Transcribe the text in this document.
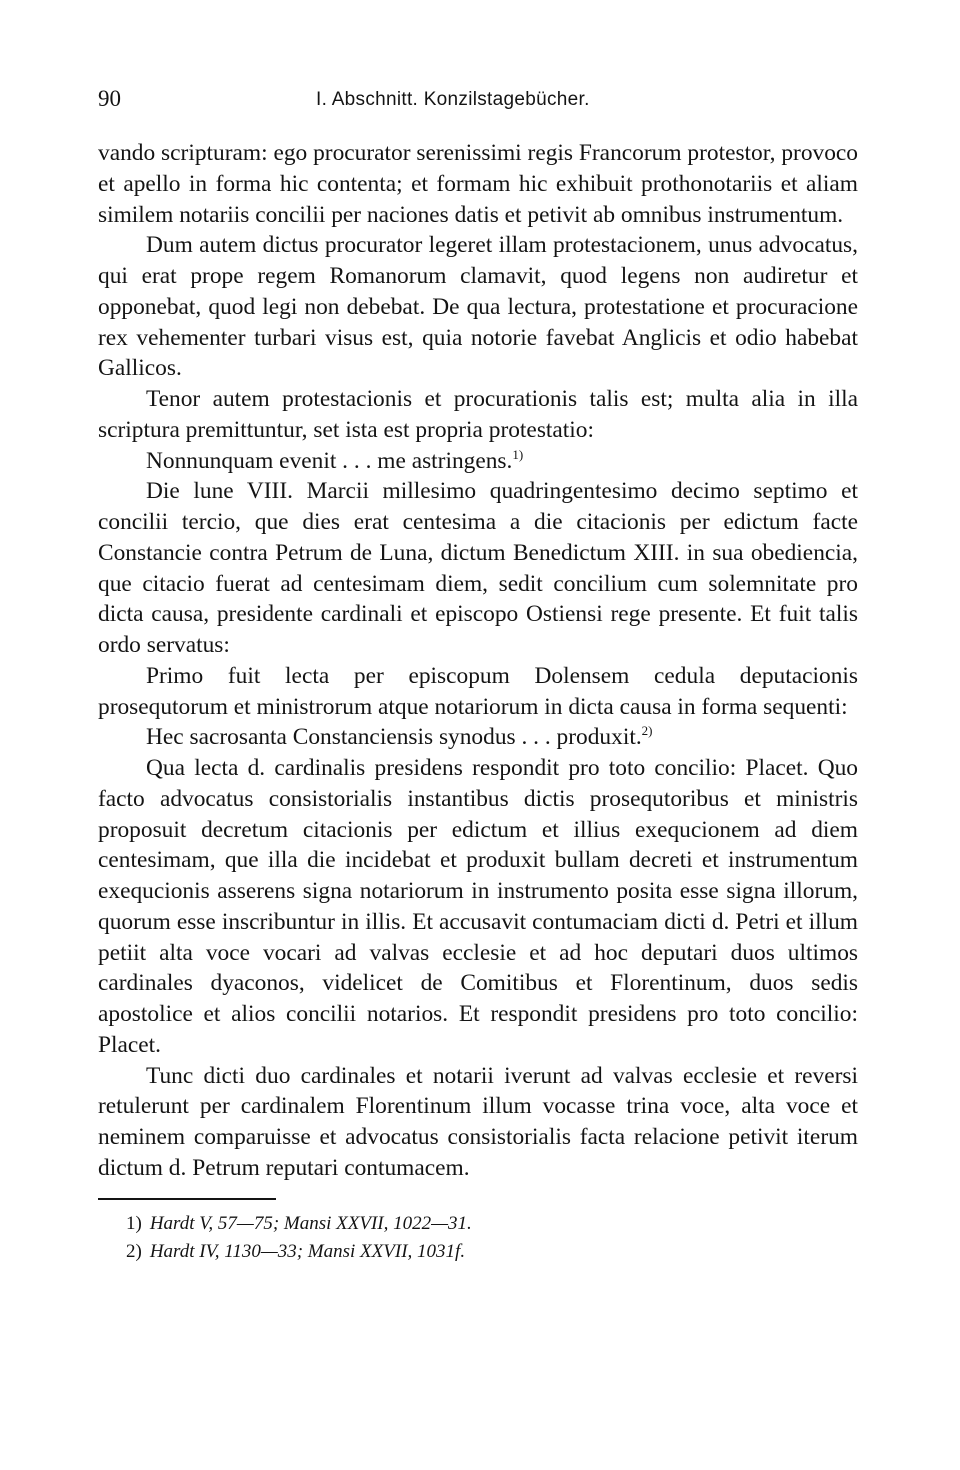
90	I. Abschnitt. Konzilstagebücher.

vando scripturam: ego procurator serenissimi regis Francorum protestor, provoco et apello in forma hic contenta; et formam hic exhibuit prothonotariis et aliam similem notariis concilii per naciones datis et petivit ab omnibus instrumentum.

Dum autem dictus procurator legeret illam protestacionem, unus advocatus, qui erat prope regem Romanorum clamavit, quod legens non audiretur et opponebat, quod legi non debebat. De qua lectura, protestatione et procuracione rex vehementer turbari visus est, quia notorie favebat Anglicis et odio habebat Gallicos.

Tenor autem protestacionis et procurationis talis est; multa alia in illa scriptura premittuntur, set ista est propria protestatio:

Nonnunquam evenit . . . me astringens.$^{1)}$

Die lune VIII. Marcii millesimo quadringentesimo decimo septimo et concilii tercio, que dies erat centesima a die citacionis per edictum facte Constancie contra Petrum de Luna, dictum Benedictum XIII. in sua obediencia, que citacio fuerat ad centesimam diem, sedit concilium cum solemnitate pro dicta causa, presidente cardinali et episcopo Ostiensi rege presente. Et fuit talis ordo servatus:

Primo fuit lecta per episcopum Dolensem cedula deputacionis prosequtorum et ministrorum atque notariorum in dicta causa in forma sequenti:

Hec sacrosanta Constanciensis synodus . . . produxit.$^{2)}$

Qua lecta d. cardinalis presidens respondit pro toto concilio: Placet. Quo facto advocatus consistorialis instantibus dictis prosequtoribus et ministris proposuit decretum citacionis per edictum et illius exequcionem ad diem centesimam, que illa die incidebat et produxit bullam decreti et instrumentum exequcionis asserens signa notariorum in instrumento posita esse signa illorum, quorum esse inscribuntur in illis. Et accusavit contumaciam dicti d. Petri et illum petiit alta voce vocari ad valvas ecclesie et ad hoc deputari duos ultimos cardinales dyaconos, videlicet de Comitibus et Florentinum, duos sedis apostolice et alios concilii notarios. Et respondit presidens pro toto concilio: Placet.

Tunc dicti duo cardinales et notarii iverunt ad valvas ecclesie et reversi retulerunt per cardinalem Florentinum illum vocasse trina voce, alta voce et neminem comparuisse et advocatus consistorialis facta relacione petivit iterum dictum d. Petrum reputari contumacem.

1) Hardt V, 57—75; Mansi XXVII, 1022—31.

2) Hardt IV, 1130—33; Mansi XXVII, 1031f.
